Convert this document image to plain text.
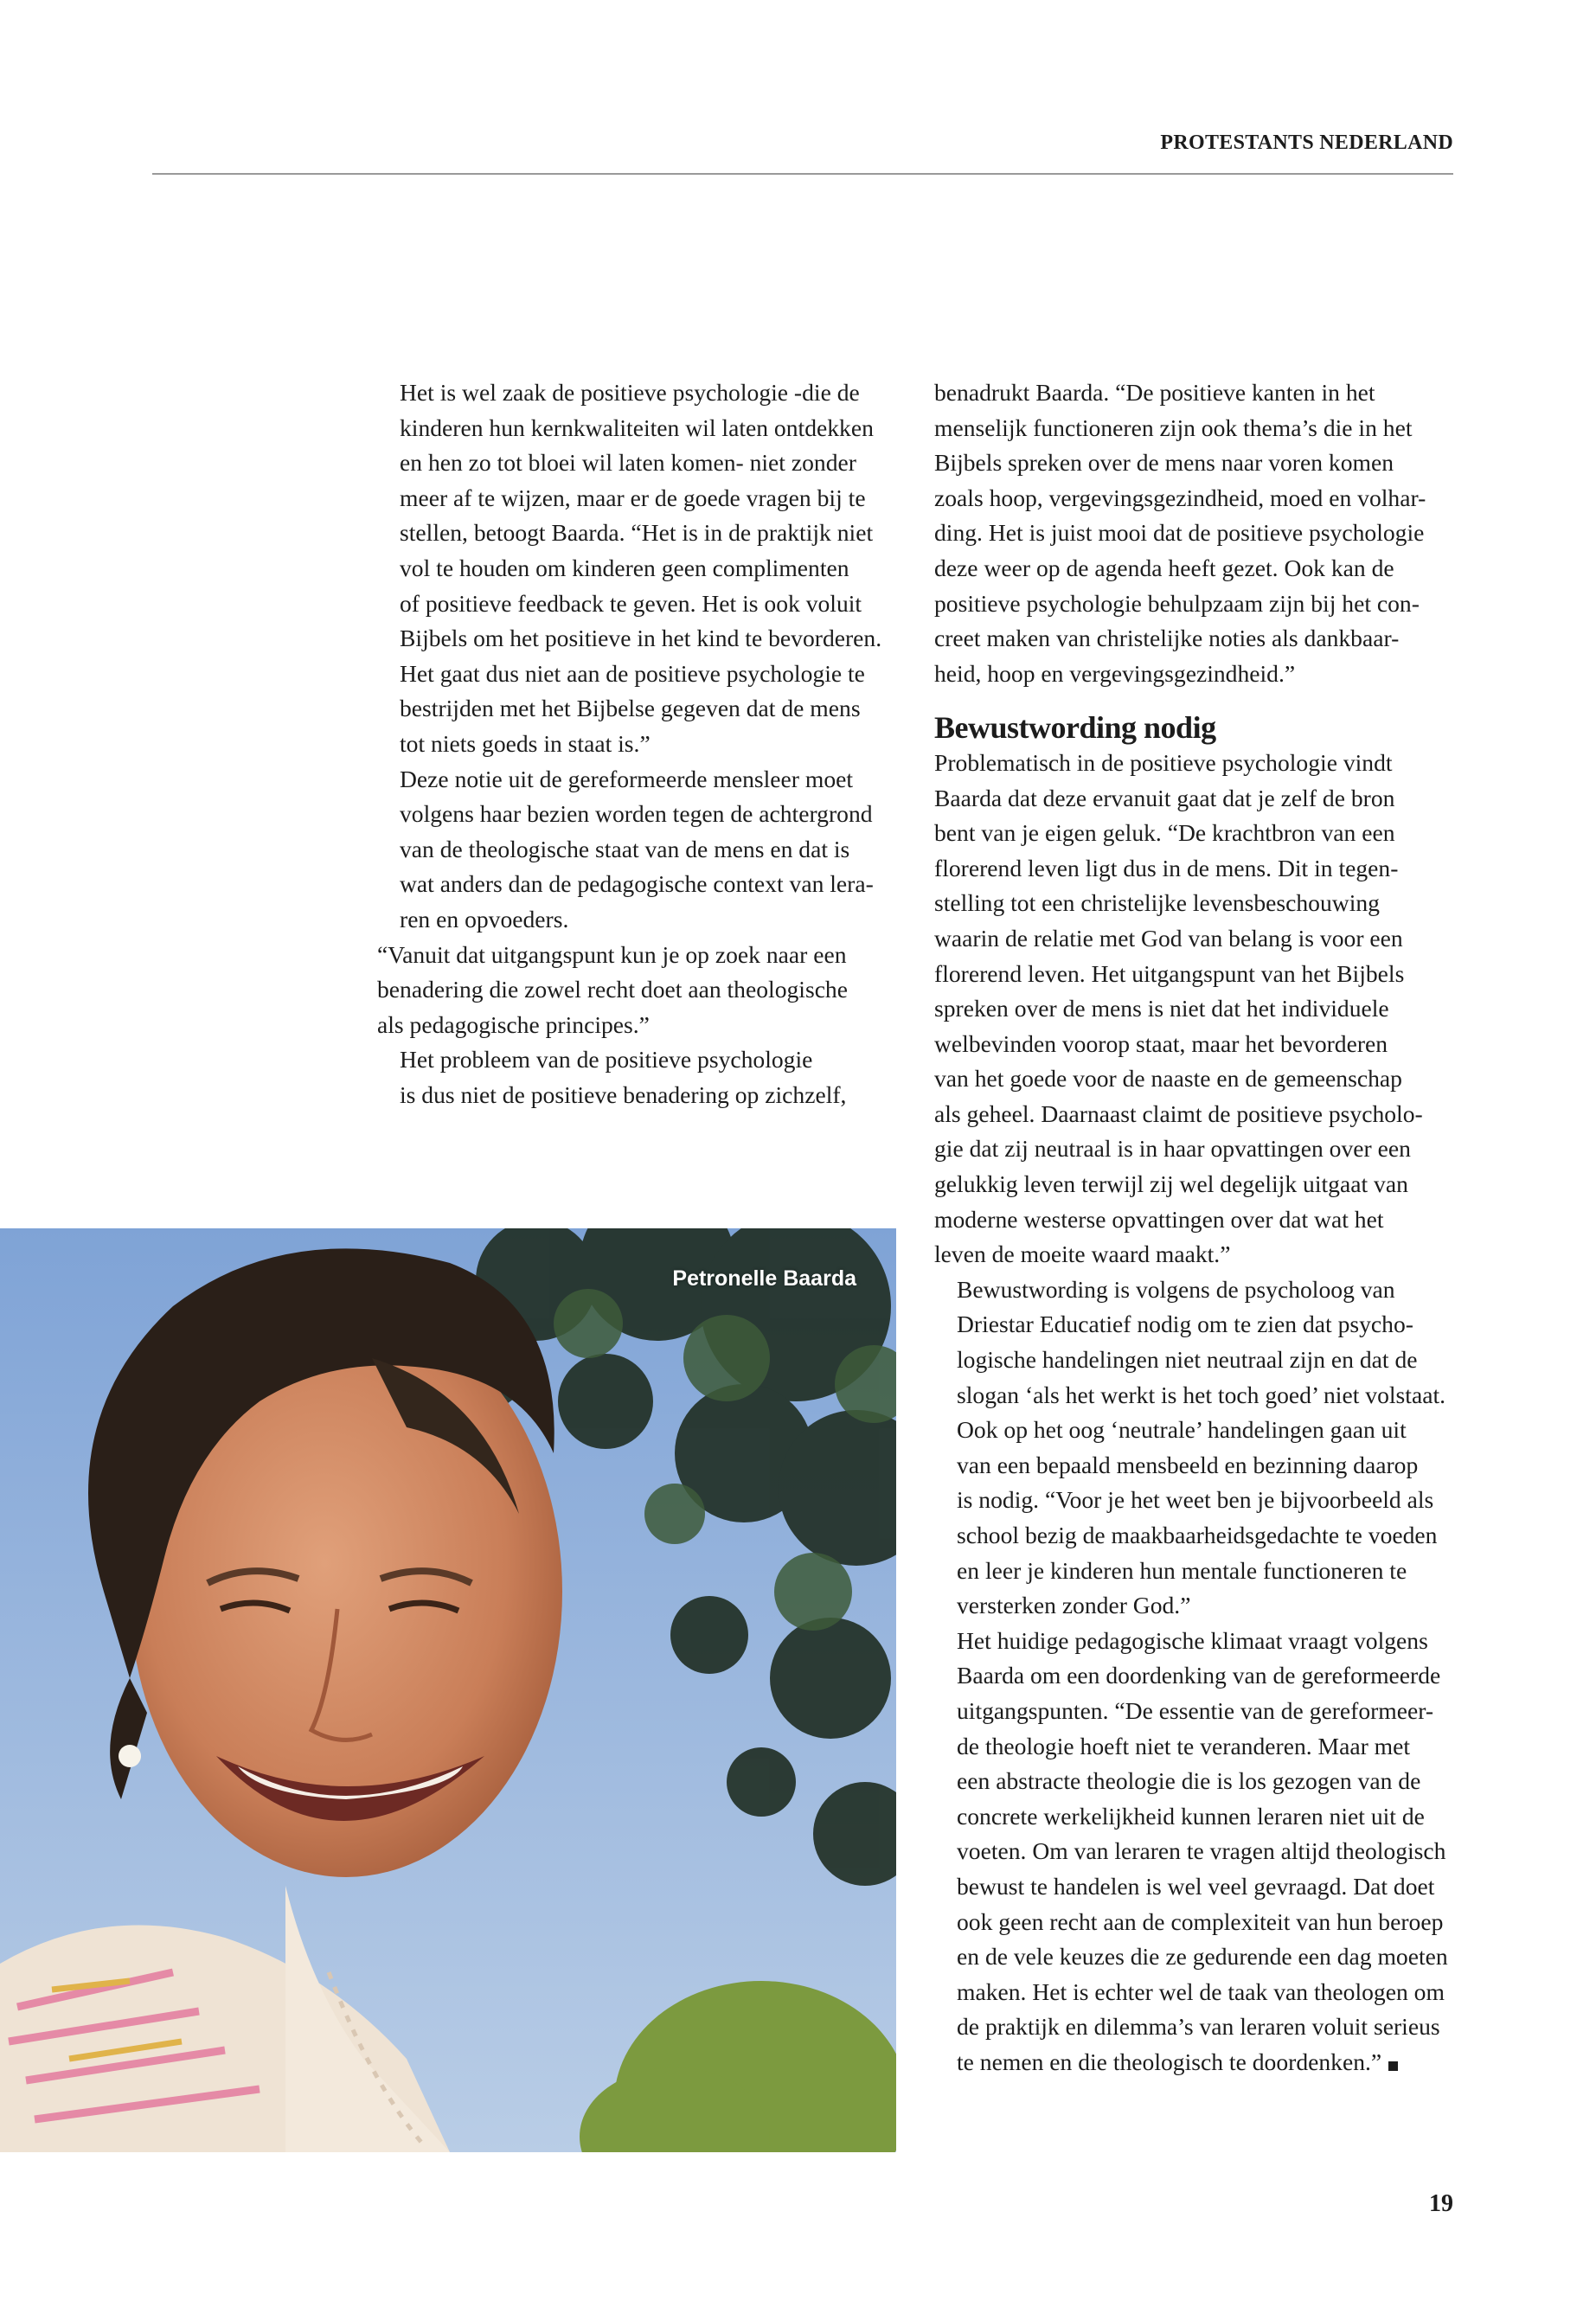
PROTESTANTS NEDERLAND

Het is wel zaak de positieve psychologie -die de
kinderen hun kernkwaliteiten wil laten ontdekken
en hen zo tot bloei wil laten komen- niet zonder
meer af te wijzen, maar er de goede vragen bij te
stellen, betoogt Baarda. “Het is in de praktijk niet
vol te houden om kinderen geen complimenten
of positieve feedback te geven. Het is ook voluit
Bijbels om het positieve in het kind te bevorderen.
Het gaat dus niet aan de positieve psychologie te
bestrijden met het Bijbelse gegeven dat de mens
tot niets goeds in staat is.”

Deze notie uit de gereformeerde mensleer moet
volgens haar bezien worden tegen de achtergrond
van de theologische staat van de mens en dat is
wat anders dan de pedagogische context van lera-
ren en opvoeders.

“Vanuit dat uitgangspunt kun je op zoek naar een
benadering die zowel recht doet aan theologische
als pedagogische principes.”

Het probleem van de positieve psychologie
is dus niet de positieve benadering op zichzelf,

benadrukt Baarda. “De positieve kanten in het
menselijk functioneren zijn ook thema’s die in het
Bijbels spreken over de mens naar voren komen
zoals hoop, vergevingsgezindheid, moed en volhar-
ding. Het is juist mooi dat de positieve psychologie
deze weer op de agenda heeft gezet. Ook kan de
positieve psychologie behulpzaam zijn bij het con-
creet maken van christelijke noties als dankbaar-
heid, hoop en vergevingsgezindheid.”

Bewustwording nodig

Problematisch in de positieve psychologie vindt
Baarda dat deze ervanuit gaat dat je zelf de bron
bent van je eigen geluk. “De krachtbron van een
florerend leven ligt dus in de mens. Dit in tegen-
stelling tot een christelijke levensbeschouwing
waarin de relatie met God van belang is voor een
florerend leven. Het uitgangspunt van het Bijbels
spreken over de mens is niet dat het individuele
welbevinden voorop staat, maar het bevorderen
van het goede voor de naaste en de gemeenschap
als geheel. Daarnaast claimt de positieve psycholo-
gie dat zij neutraal is in haar opvattingen over een
gelukkig leven terwijl zij wel degelijk uitgaat van
moderne westerse opvattingen over dat wat het
leven de moeite waard maakt.”

Bewustwording is volgens de psycholoog van
Driestar Educatief nodig om te zien dat psycho-
logische handelingen niet neutraal zijn en dat de
slogan ‘als het werkt is het toch goed’ niet volstaat.
Ook op het oog ‘neutrale’ handelingen gaan uit
van een bepaald mensbeeld en bezinning daarop
is nodig. “Voor je het weet ben je bijvoorbeeld als
school bezig de maakbaarheidsgedachte te voeden
en leer je kinderen hun mentale functioneren te
versterken zonder God.”

Het huidige pedagogische klimaat vraagt volgens
Baarda om een doordenking van de gereformeerde
uitgangspunten. “De essentie van de gereformeer-
de theologie hoeft niet te veranderen. Maar met
een abstracte theologie die is los gezogen van de
concrete werkelijkheid kunnen leraren niet uit de
voeten. Om van leraren te vragen altijd theologisch
bewust te handelen is wel veel gevraagd. Dat doet
ook geen recht aan de complexiteit van hun beroep
en de vele keuzes die ze gedurende een dag moeten
maken. Het is echter wel de taak van theologen om
de praktijk en dilemma’s van leraren voluit serieus
te nemen en die theologisch te doordenken.”

Petronelle Baarda
19
